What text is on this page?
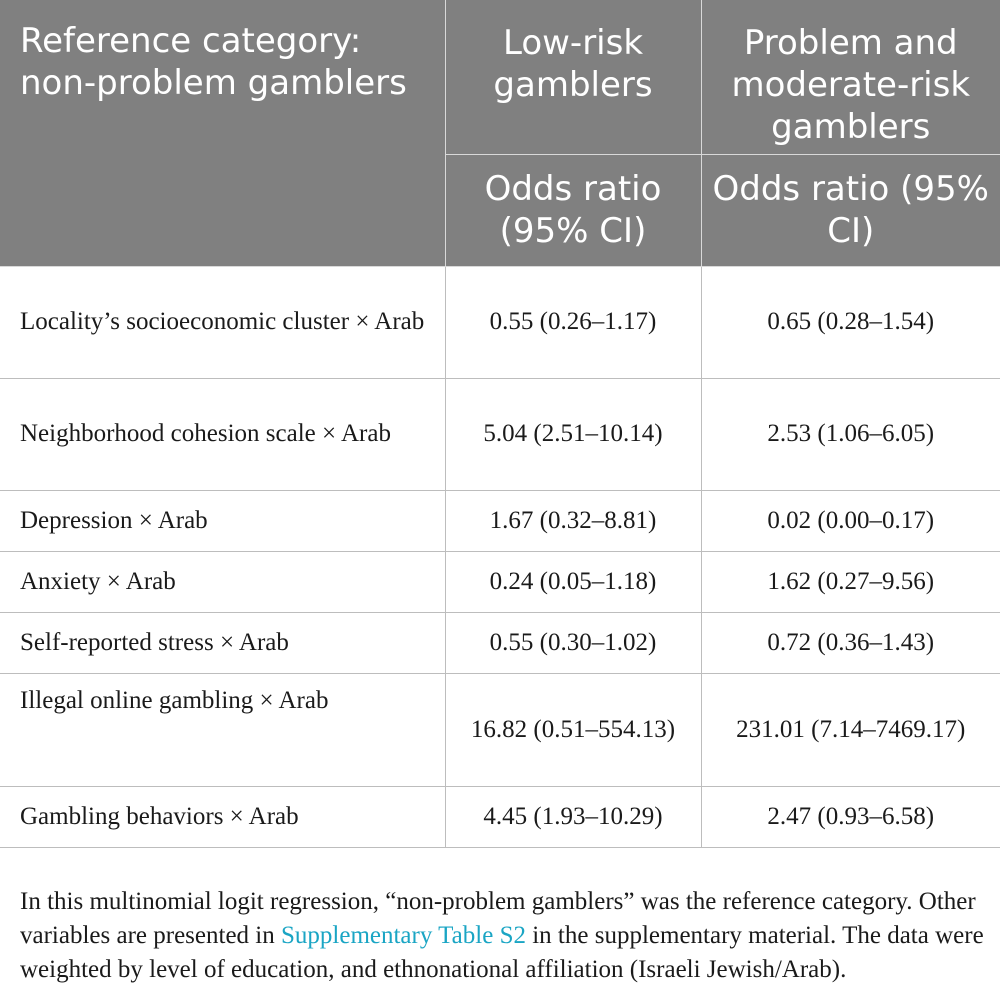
Reference category: non-problem gamblers	Low-risk gamblers	Problem and moderate-risk gamblers
	Odds ratio (95% CI)	Odds ratio (95% CI)
Locality’s socioeconomic cluster × Arab	0.55 (0.26–1.17)	0.65 (0.28–1.54)
Neighborhood cohesion scale × Arab	5.04 (2.51–10.14)	2.53 (1.06–6.05)
Depression × Arab	1.67 (0.32–8.81)	0.02 (0.00–0.17)
Anxiety × Arab	0.24 (0.05–1.18)	1.62 (0.27–9.56)
Self-reported stress × Arab	0.55 (0.30–1.02)	0.72 (0.36–1.43)
Illegal online gambling × Arab	16.82 (0.51–554.13)	231.01 (7.14–7469.17)
Gambling behaviors × Arab	4.45 (1.93–10.29)	2.47 (0.93–6.58)
In this multinomial logit regression, “non-problem gamblers” was the reference category. Other variables are presented in Supplementary Table S2 in the supplementary material. The data were weighted by level of education, and ethnonational affiliation (Israeli Jewish/Arab).
